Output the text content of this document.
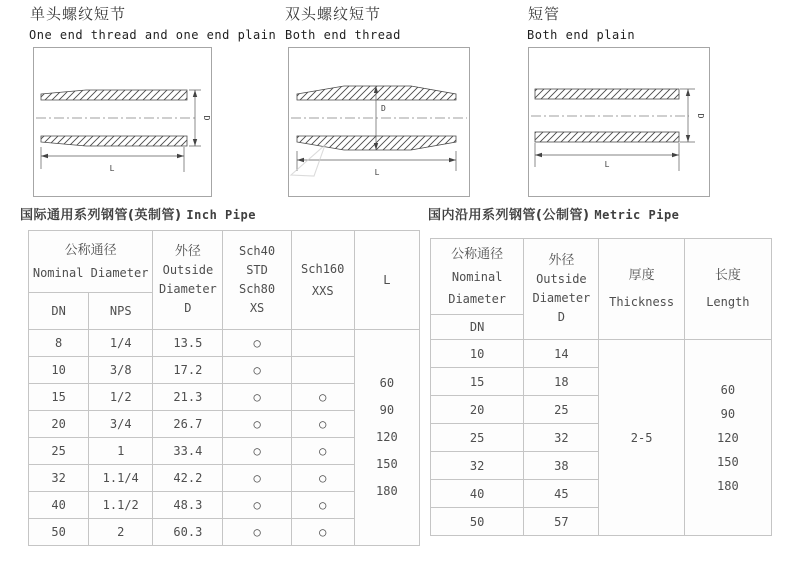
单头螺纹短节
One end thread and one end plain
双头螺纹短节
Both end thread
短管
Both end plain
D
L
D
L
D
L
国际通用系列钢管(英制管) Inch Pipe	国内沿用系列钢管(公制管) Metric Pipe
公称通径
Nominal Diameter

外径
Outside
Diameter
D

Sch40
STD
Sch80
XS

Sch160
XXS
	L
DN	NPS				
8	1/4	13.5	○		60
90
120
150
180

10	3/8	17.2	○		
15	1/2	21.3	○	○	
20	3/4	26.7	○	○	
25	1	33.4	○	○	
32	1.1/4	42.2	○	○	
40	1.1/2	48.3	○	○	
50	2	60.3	○	○	
公称通径
Nominal
Diameter

外径
Outside
Diameter
D

厚度
Thickness

长度
Length

DN			
10	14	2-5	60
90
120
150
180

15	18		
20	25		
25	32		
32	38		
40	45		
50	57		
